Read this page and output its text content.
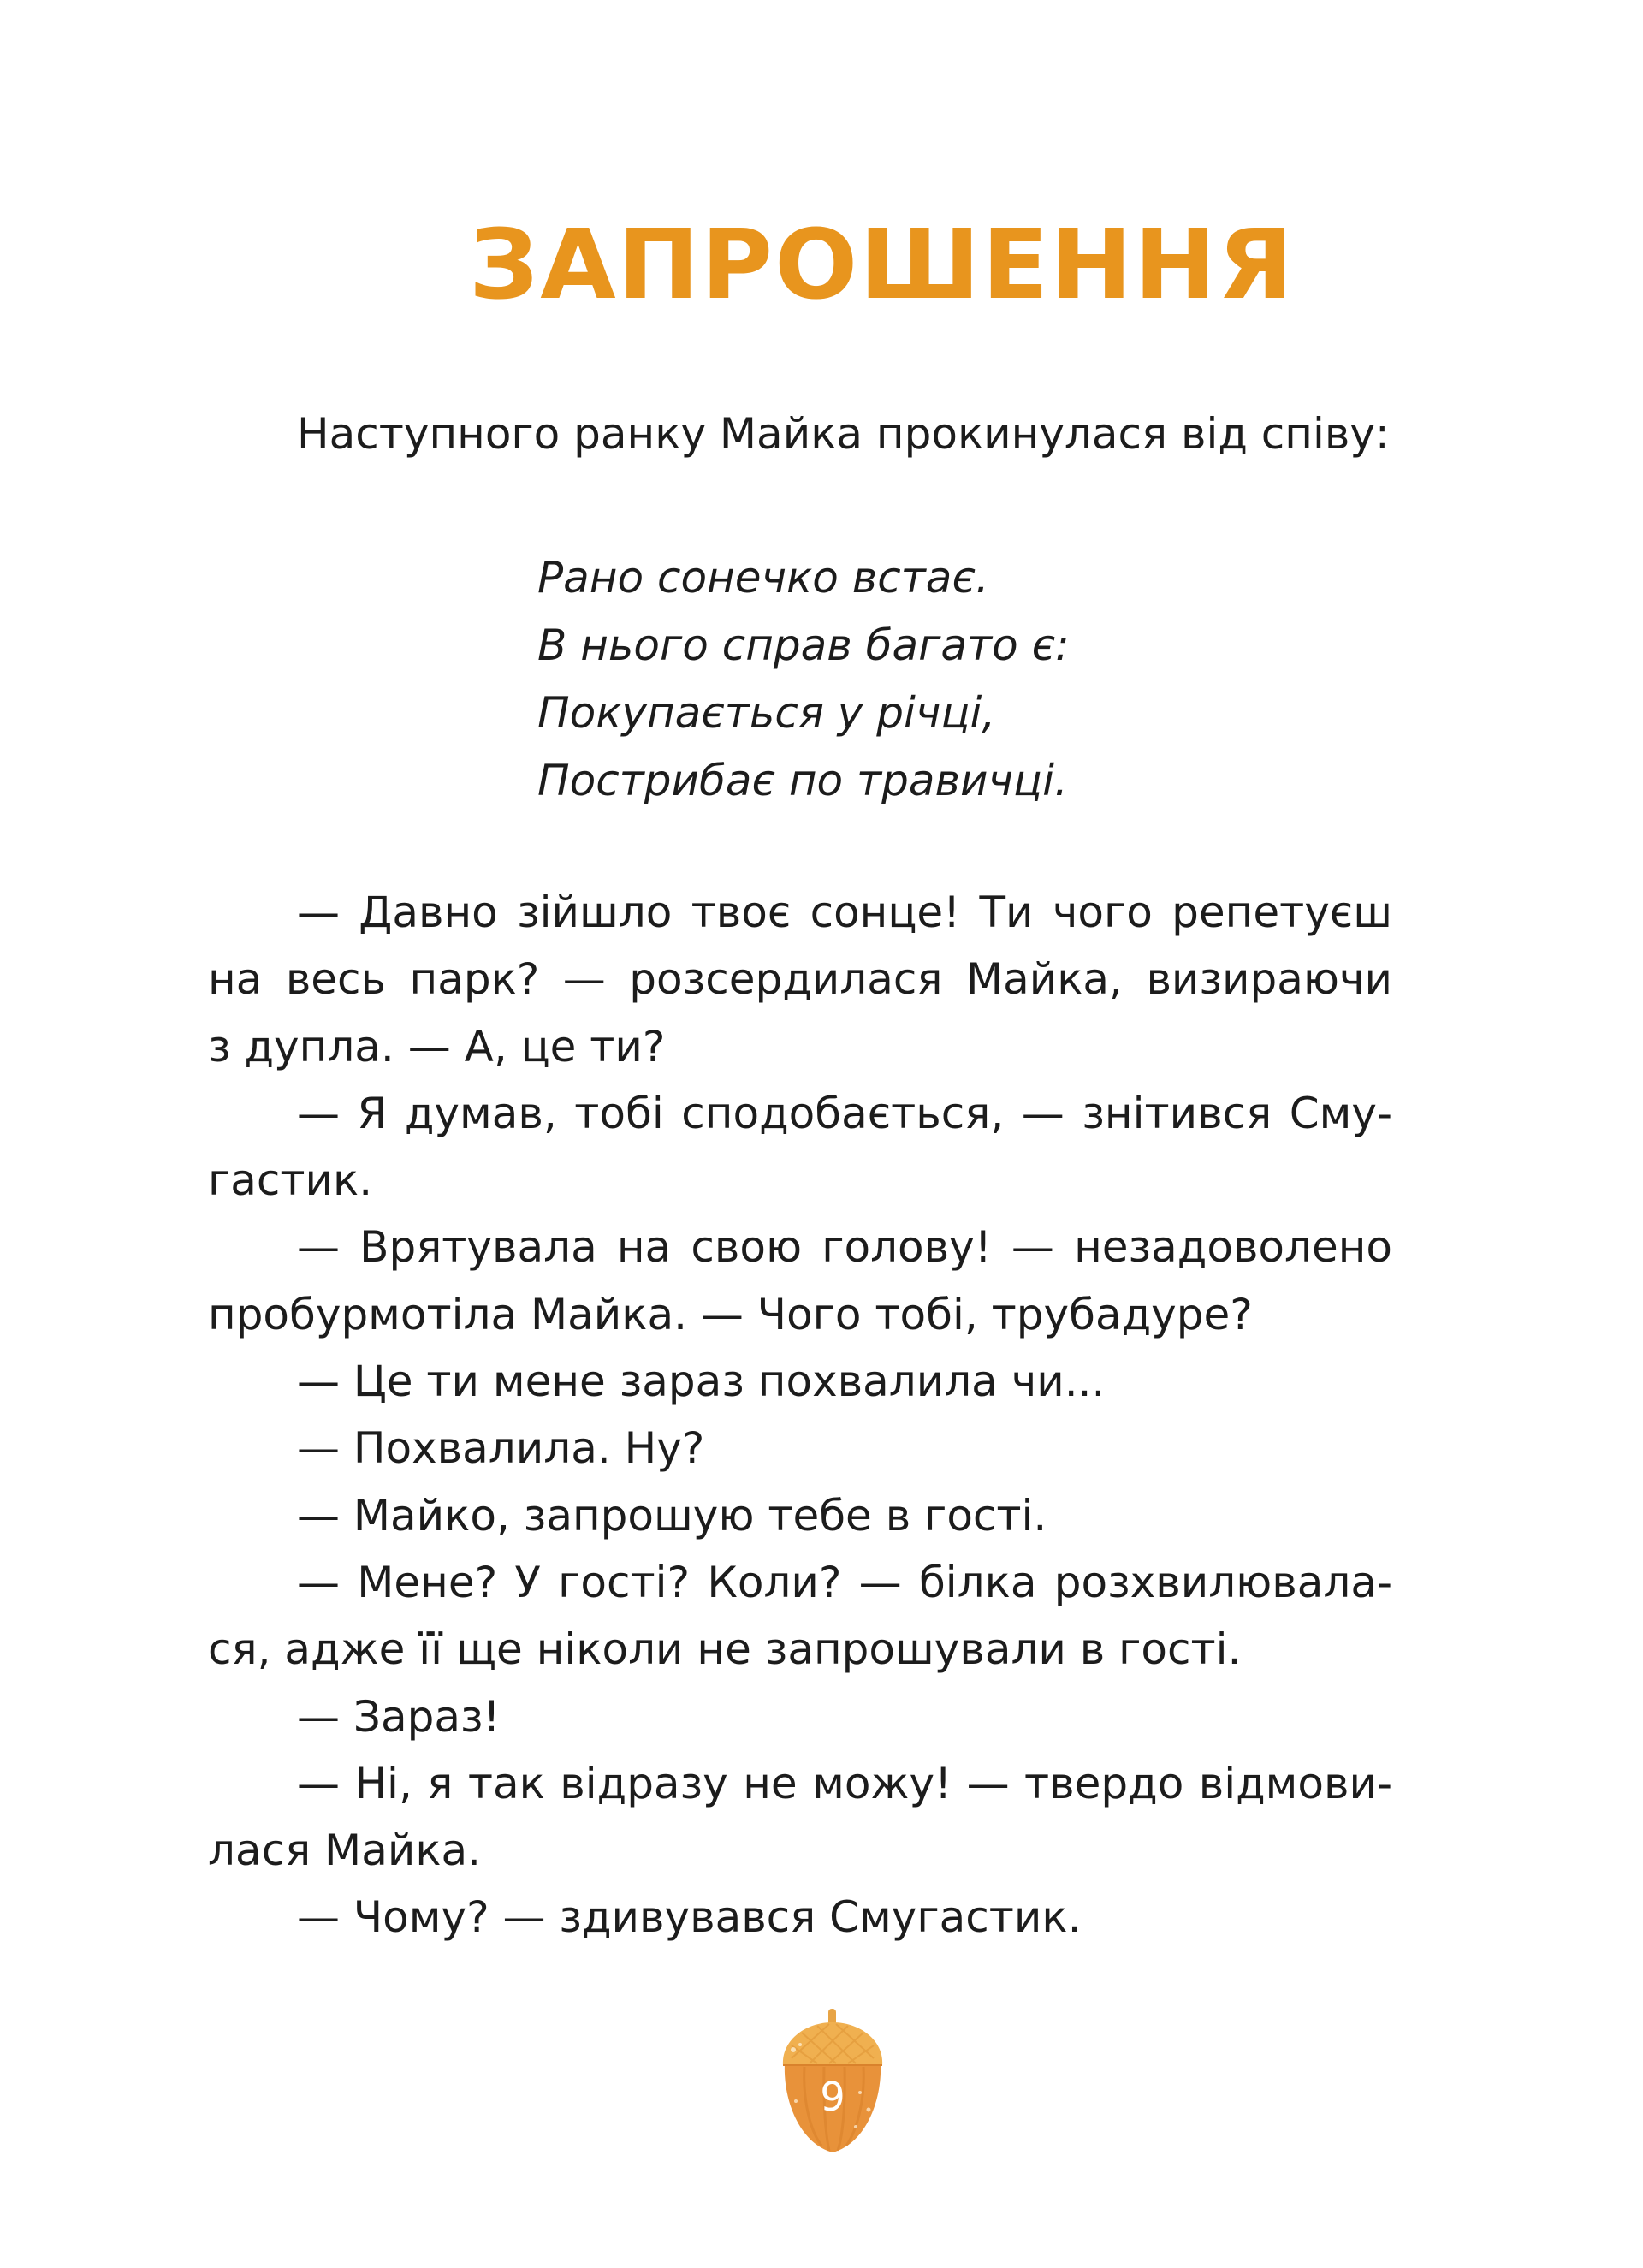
ЗАПРОШЕННЯ
Наступного ранку Майка прокинулася від співу:
Рано сонечко встає.
В нього справ багато є:
Покупається у річці,
Пострибає по травичці.
— Давно зійшло твоє сонце! Ти чого репетуєш
на весь парк? — розсердилася Майка, визираючи
з дупла. — А, це ти?
— Я думав, тобі сподобається, — знітився Сму-
гастик.
— Врятувала на свою голову! — незадоволено
пробурмотіла Майка. — Чого тобі, трубадуре?
— Це ти мене зараз похвалила чи...
— Похвалила. Ну?
— Майко, запрошую тебе в гості.
— Мене? У гості? Коли? — білка розхвилювала-
ся, адже її ще ніколи не запрошували в гості.
— Зараз!
— Ні, я так відразу не можу! — твердо відмови-
лася Майка.
— Чому? — здивувався Смугастик.
9
